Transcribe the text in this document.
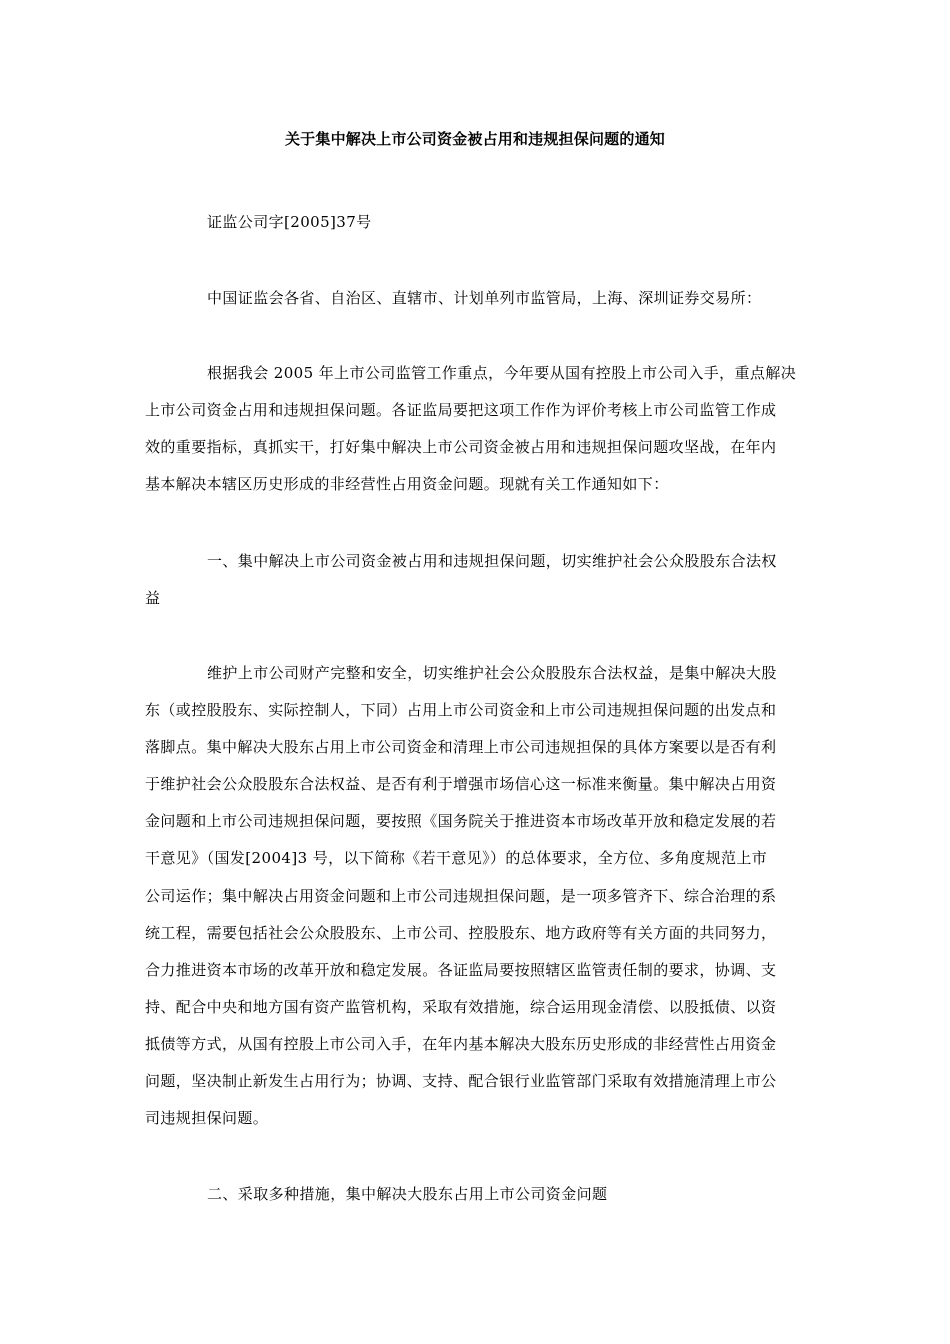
关于集中解决上市公司资金被占用和违规担保问题的通知
证监公司字[2005]37号
中国证监会各省、自治区、直辖市、计划单列市监管局，上海、深圳证券交易所：
根据我会 2005 年上市公司监管工作重点，今年要从国有控股上市公司入手，重点解决
上市公司资金占用和违规担保问题。各证监局要把这项工作作为评价考核上市公司监管工作成
效的重要指标，真抓实干，打好集中解决上市公司资金被占用和违规担保问题攻坚战，在年内
基本解决本辖区历史形成的非经营性占用资金问题。现就有关工作通知如下：
一、集中解决上市公司资金被占用和违规担保问题，切实维护社会公众股股东合法权
益
维护上市公司财产完整和安全，切实维护社会公众股股东合法权益，是集中解决大股
东（或控股股东、实际控制人，下同）占用上市公司资金和上市公司违规担保问题的出发点和
落脚点。集中解决大股东占用上市公司资金和清理上市公司违规担保的具体方案要以是否有利
于维护社会公众股股东合法权益、是否有利于增强市场信心这一标准来衡量。集中解决占用资
金问题和上市公司违规担保问题，要按照《国务院关于推进资本市场改革开放和稳定发展的若
干意见》（国发[2004]3 号，以下简称《若干意见》）的总体要求，全方位、多角度规范上市
公司运作；集中解决占用资金问题和上市公司违规担保问题，是一项多管齐下、综合治理的系
统工程，需要包括社会公众股股东、上市公司、控股股东、地方政府等有关方面的共同努力，
合力推进资本市场的改革开放和稳定发展。各证监局要按照辖区监管责任制的要求，协调、支
持、配合中央和地方国有资产监管机构，采取有效措施，综合运用现金清偿、以股抵债、以资
抵债等方式，从国有控股上市公司入手，在年内基本解决大股东历史形成的非经营性占用资金
问题，坚决制止新发生占用行为；协调、支持、配合银行业监管部门采取有效措施清理上市公
司违规担保问题。
二、采取多种措施，集中解决大股东占用上市公司资金问题
